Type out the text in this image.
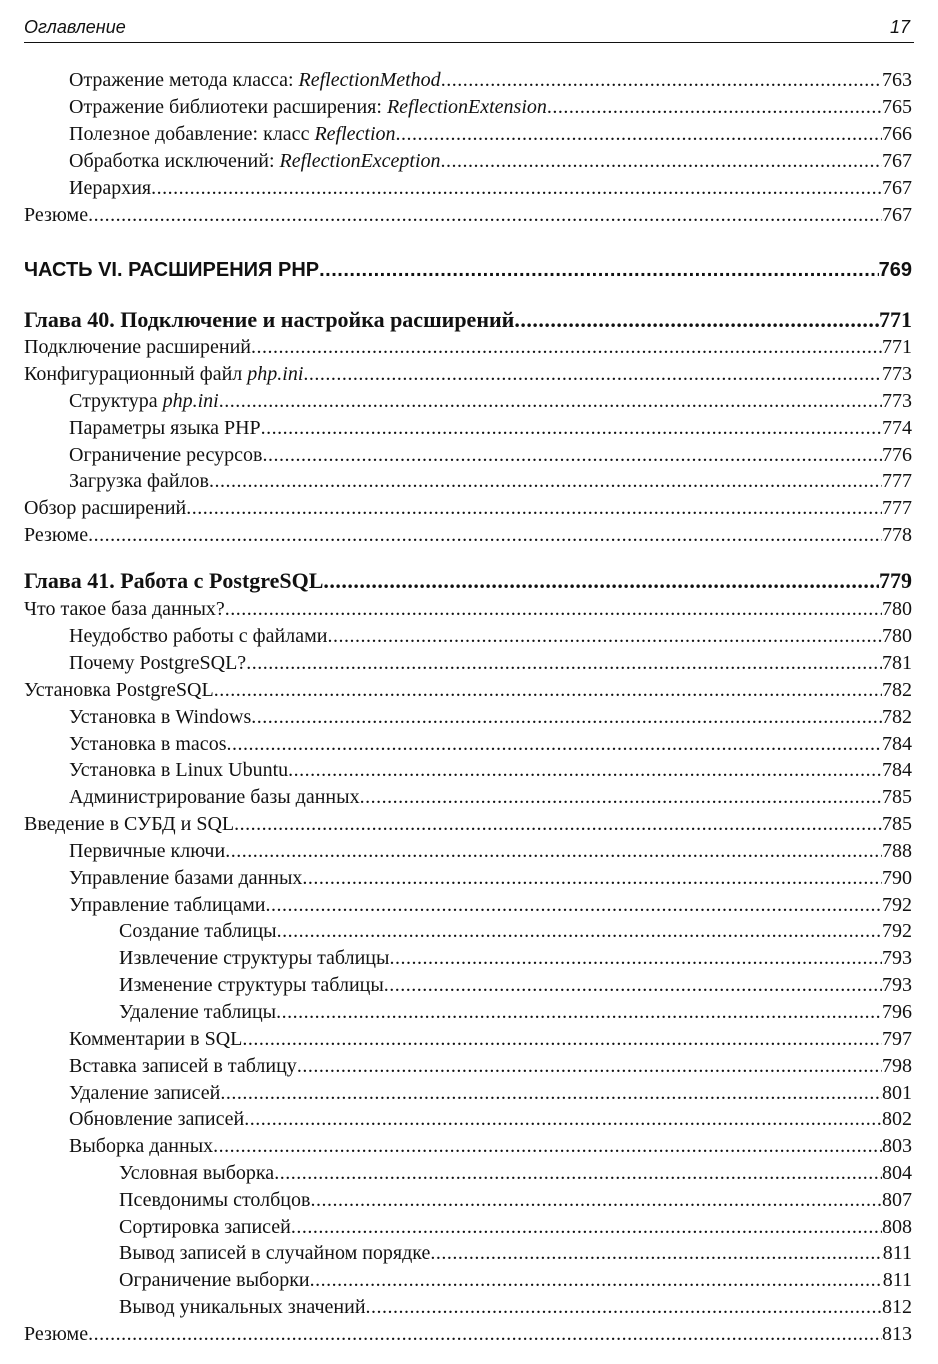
Оглавление	17
Отражение метода класса: ReflectionMethod .....	763
Отражение библиотеки расширения: ReflectionExtension .....	765
Полезное добавление: класс Reflection .....	766
Обработка исключений: ReflectionException .....	767
Иерархия .....	767
Резюме .....	767
ЧАСТЬ VI. РАСШИРЕНИЯ PHP .....	769
Глава 40. Подключение и настройка расширений .....	771
Подключение расширений .....	771
Конфигурационный файл php.ini .....	773
Структура php.ini .....	773
Параметры языка PHP .....	774
Ограничение ресурсов .....	776
Загрузка файлов .....	777
Обзор расширений .....	777
Резюме .....	778
Глава 41. Работа с PostgreSQL .....	779
Что такое база данных? .....	780
Неудобство работы с файлами .....	780
Почему PostgreSQL? .....	781
Установка PostgreSQL .....	782
Установка в Windows .....	782
Установка в macos .....	784
Установка в Linux Ubuntu .....	784
Администрирование базы данных .....	785
Введение в СУБД и SQL .....	785
Первичные ключи .....	788
Управление базами данных .....	790
Управление таблицами .....	792
Создание таблицы .....	792
Извлечение структуры таблицы .....	793
Изменение структуры таблицы .....	793
Удаление таблицы .....	796
Комментарии в SQL .....	797
Вставка записей в таблицу .....	798
Удаление записей .....	801
Обновление записей .....	802
Выборка данных .....	803
Условная выборка .....	804
Псевдонимы столбцов .....	807
Сортировка записей .....	808
Вывод записей в случайном порядке .....	811
Ограничение выборки .....	811
Вывод уникальных значений .....	812
Резюме .....	813
